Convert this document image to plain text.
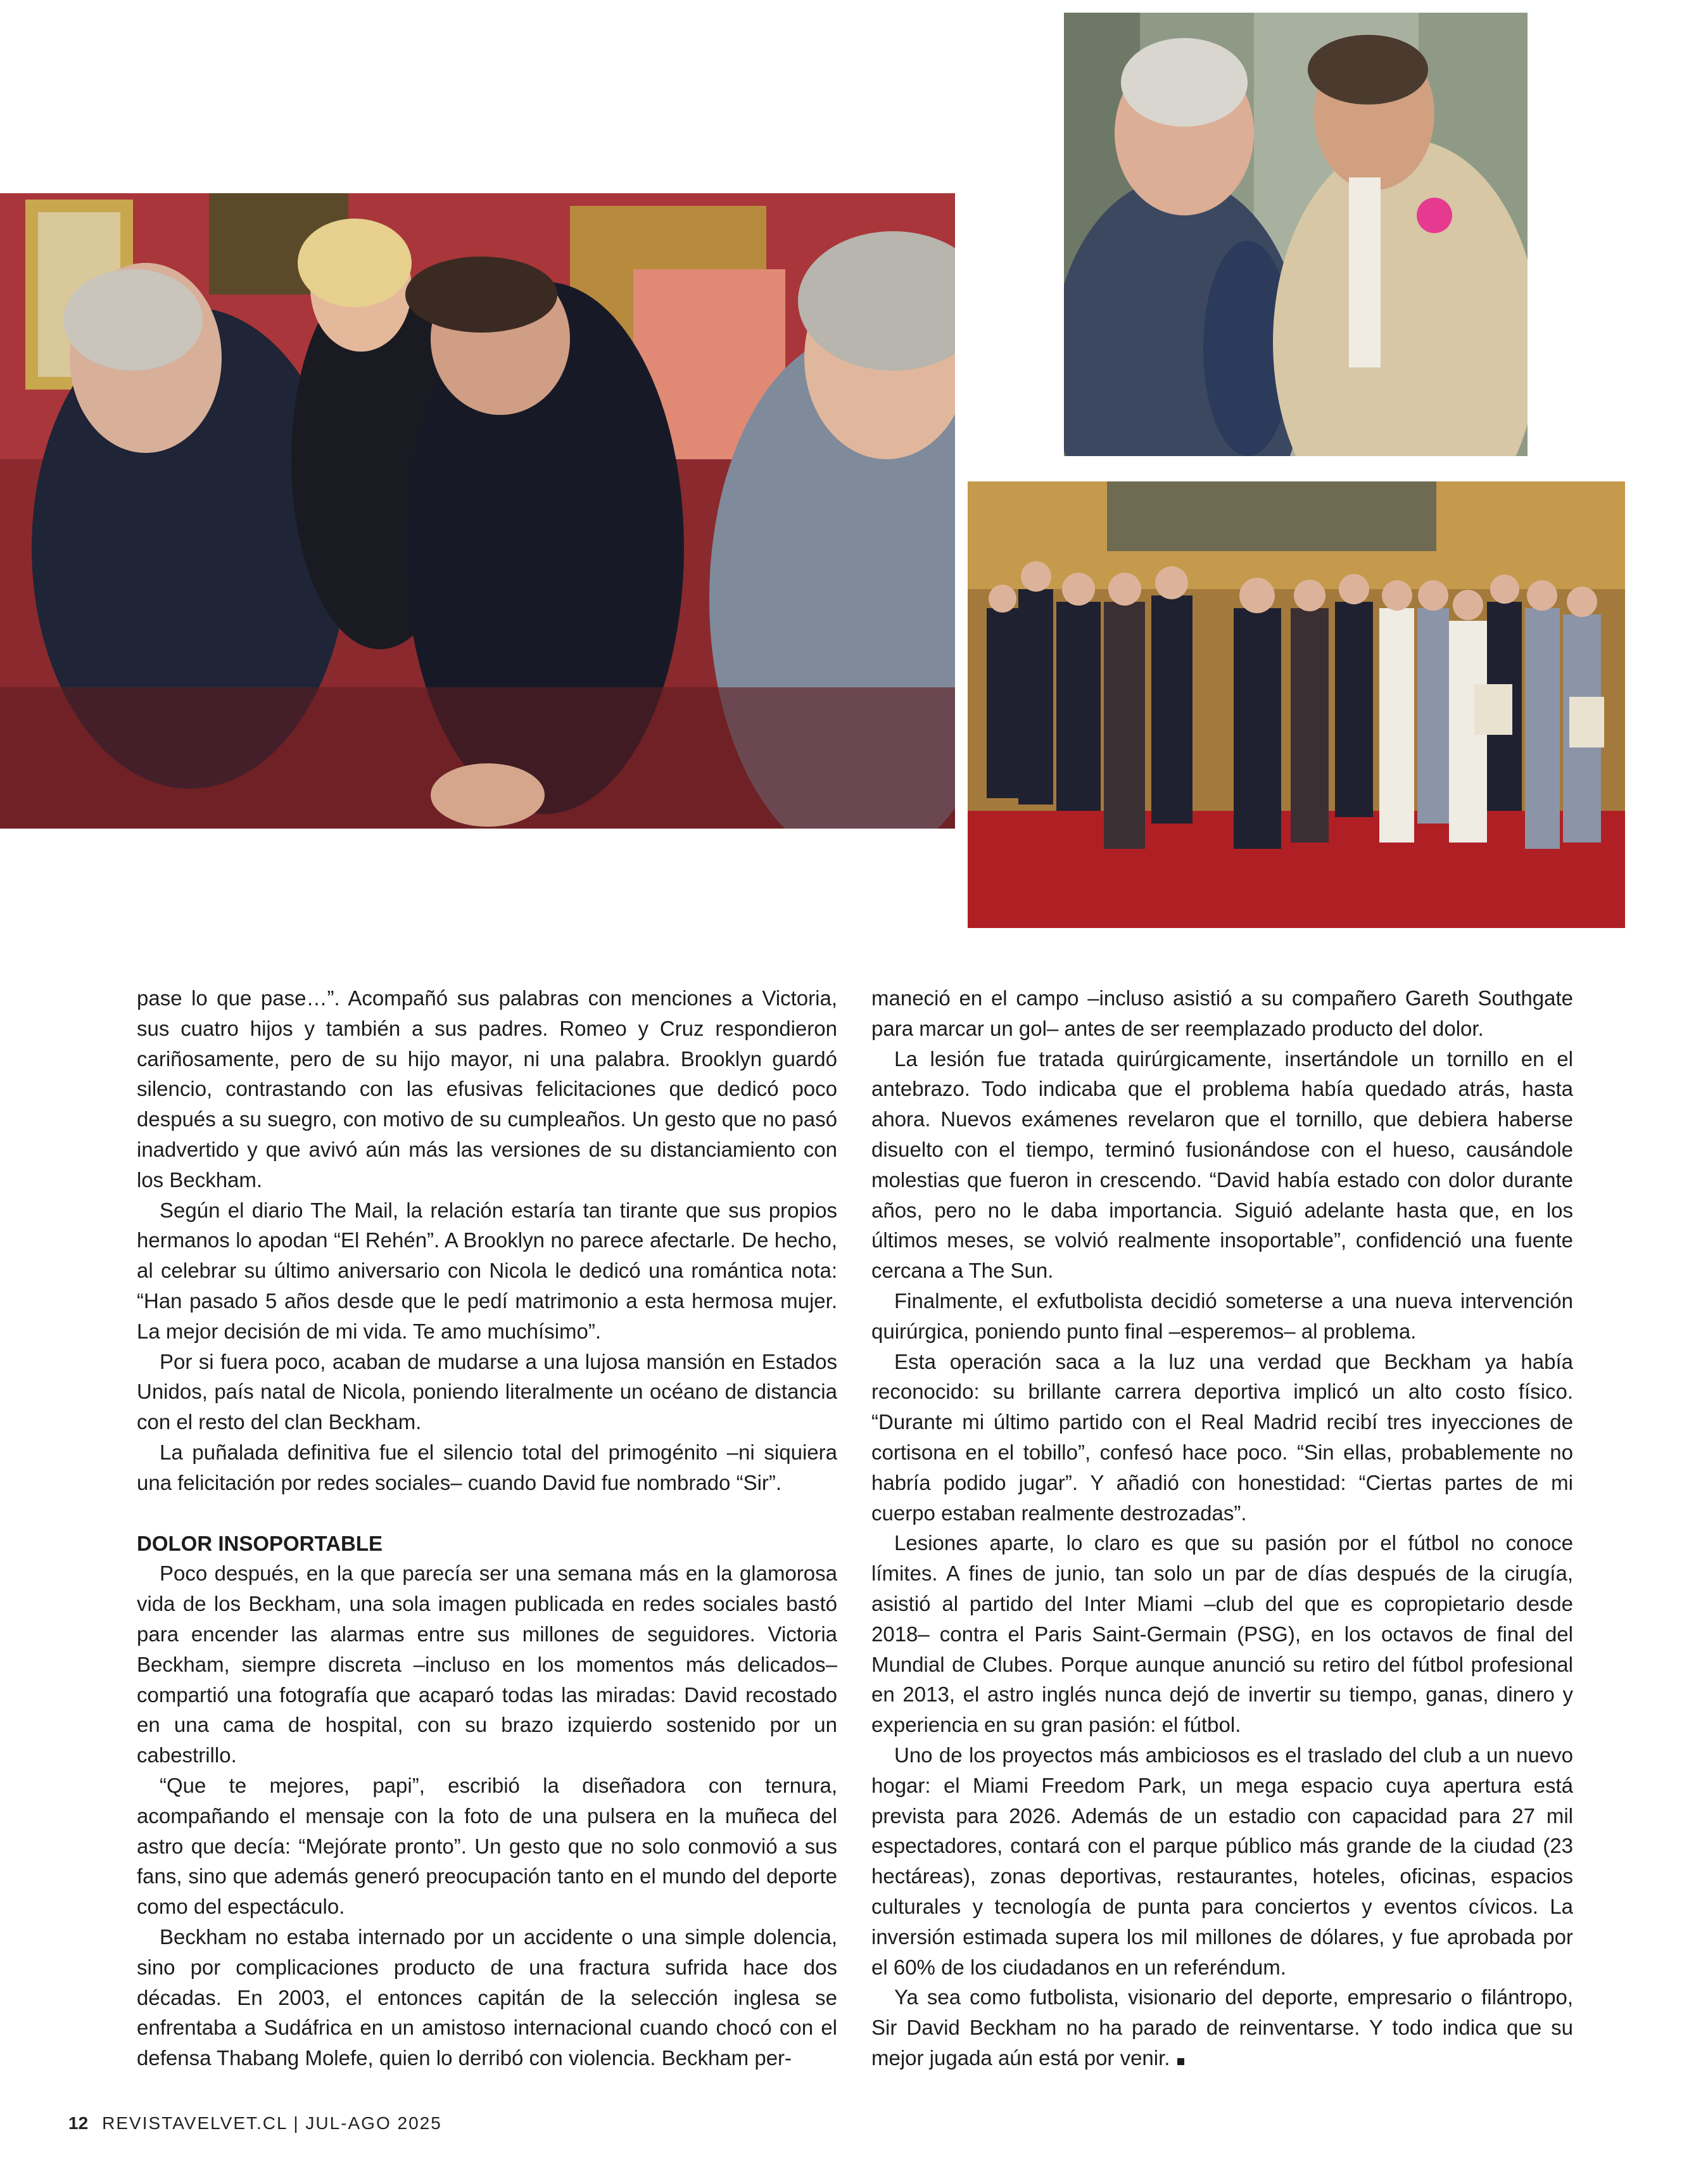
pase lo que pase…”. Acompañó sus palabras con menciones a Victoria, sus cuatro hijos y también a sus padres. Romeo y Cruz respondieron cariñosamente, pero de su hijo mayor, ni una palabra. Brooklyn guardó silencio, contrastando con las efusivas felicitaciones que dedicó poco después a su suegro, con motivo de su cumpleaños. Un gesto que no pasó inadvertido y que avivó aún más las versiones de su distanciamiento con los Beckham.

Según el diario The Mail, la relación estaría tan tirante que sus propios hermanos lo apodan “El Rehén”. A Brooklyn no parece afectarle. De hecho, al celebrar su último aniversario con Nicola le dedicó una romántica nota: “Han pasado 5 años desde que le pedí matrimonio a esta hermosa mujer. La mejor decisión de mi vida. Te amo muchísimo”.

Por si fuera poco, acaban de mudarse a una lujosa mansión en Estados Unidos, país natal de Nicola, poniendo literalmente un océano de distancia con el resto del clan Beckham.

La puñalada definitiva fue el silencio total del primogénito –ni siquiera una felicitación por redes sociales– cuando David fue nombrado “Sir”.

DOLOR INSOPORTABLE

Poco después, en la que parecía ser una semana más en la glamorosa vida de los Beckham, una sola imagen publicada en redes sociales bastó para encender las alarmas entre sus millones de seguidores. Victoria Beckham, siempre discreta –incluso en los momentos más delicados– compartió una fotografía que acaparó todas las miradas: David recostado en una cama de hospital, con su brazo izquierdo sostenido por un cabestrillo.

“Que te mejores, papi”, escribió la diseñadora con ternura, acompañando el mensaje con la foto de una pulsera en la muñeca del astro que decía: “Mejórate pronto”. Un gesto que no solo conmovió a sus fans, sino que además generó preocupación tanto en el mundo del deporte como del espectáculo.

Beckham no estaba internado por un accidente o una simple dolencia, sino por complicaciones producto de una fractura sufrida hace dos décadas. En 2003, el entonces capitán de la selección inglesa se enfrentaba a Sudáfrica en un amistoso internacional cuando chocó con el defensa Thabang Molefe, quien lo derribó con violencia. Beckham per-

maneció en el campo –incluso asistió a su compañero Gareth Southgate para marcar un gol– antes de ser reemplazado producto del dolor.

La lesión fue tratada quirúrgicamente, insertándole un tornillo en el antebrazo. Todo indicaba que el problema había quedado atrás, hasta ahora. Nuevos exámenes revelaron que el tornillo, que debiera haberse disuelto con el tiempo, terminó fusionándose con el hueso, causándole molestias que fueron in crescendo. “David había estado con dolor durante años, pero no le daba importancia. Siguió adelante hasta que, en los últimos meses, se volvió realmente insoportable”, confidenció una fuente cercana a The Sun.

Finalmente, el exfutbolista decidió someterse a una nueva intervención quirúrgica, poniendo punto final –esperemos– al problema.

Esta operación saca a la luz una verdad que Beckham ya había reconocido: su brillante carrera deportiva implicó un alto costo físico. “Durante mi último partido con el Real Madrid recibí tres inyecciones de cortisona en el tobillo”, confesó hace poco. “Sin ellas, probablemente no habría podido jugar”. Y añadió con honestidad: “Ciertas partes de mi cuerpo estaban realmente destrozadas”.

Lesiones aparte, lo claro es que su pasión por el fútbol no conoce límites. A fines de junio, tan solo un par de días después de la cirugía, asistió al partido del Inter Miami –club del que es copropietario desde 2018– contra el Paris Saint-Germain (PSG), en los octavos de final del Mundial de Clubes. Porque aunque anunció su retiro del fútbol profesional en 2013, el astro inglés nunca dejó de invertir su tiempo, ganas, dinero y experiencia en su gran pasión: el fútbol.

Uno de los proyectos más ambiciosos es el traslado del club a un nuevo hogar: el Miami Freedom Park, un mega espacio cuya apertura está prevista para 2026. Además de un estadio con capacidad para 27 mil espectadores, contará con el parque público más grande de la ciudad (23 hectáreas), zonas deportivas, restaurantes, hoteles, oficinas, espacios culturales y tecnología de punta para conciertos y eventos cívicos. La inversión estimada supera los mil millones de dólares, y fue aprobada por el 60% de los ciudadanos en un referéndum.

Ya sea como futbolista, visionario del deporte, empresario o filántropo, Sir David Beckham no ha parado de reinventarse. Y todo indica que su mejor jugada aún está por venir.

12 REVISTAVELVET.CL | JUL-AGO 2025
